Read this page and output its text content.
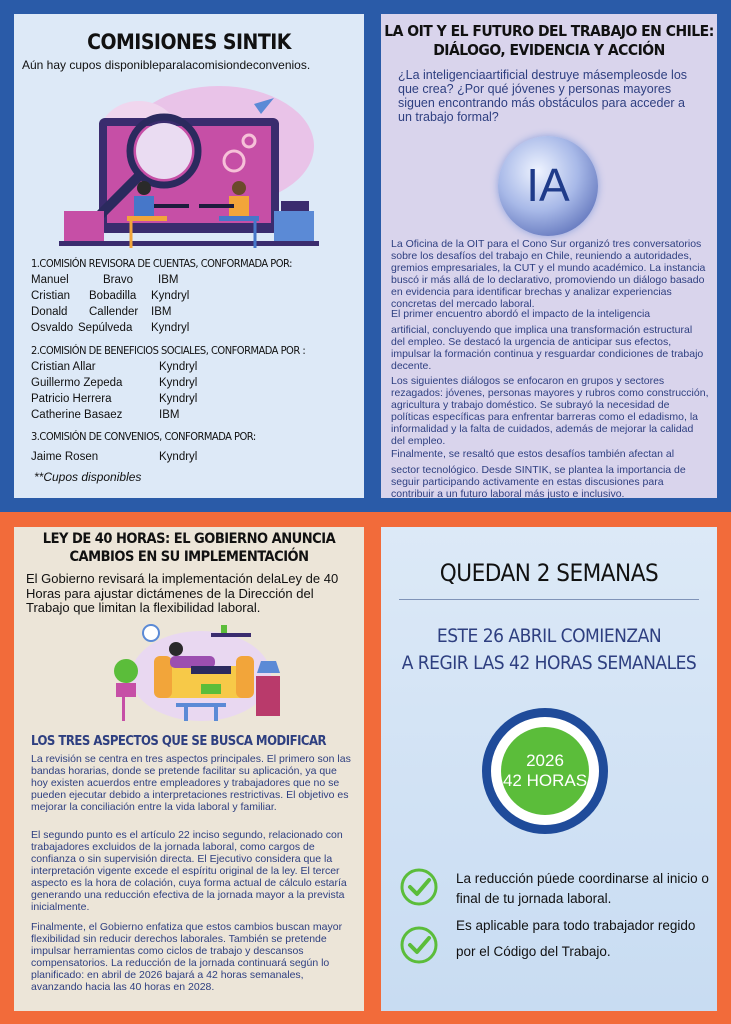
COMISIONES SINTIK
Aún hay cupos disponibleparalacomisiondeconvenios.
1.COMISIÓN REVISORA DE CUENTAS, CONFORMADA POR:
Manuel	Bravo	IBM
Cristian	Bobadilla	Kyndryl
Donald	Callender	IBM
Osvaldo Sepúlveda	Kyndryl
2.COMISIÓN DE BENEFICIOS SOCIALES, CONFORMADA POR :
Cristian Allar	Kyndryl
Guillermo Zepeda	Kyndryl
Patricio Herrera	Kyndryl
Catherine Basaez	IBM
3.COMISIÓN DE CONVENIOS, CONFORMADA POR:
Jaime Rosen	Kyndryl
**Cupos disponibles
LA OIT Y EL FUTURO DEL TRABAJO EN CHILE:
DIÁLOGO, EVIDENCIA Y ACCIÓN
¿La inteligenciaartificial destruye másempleosde los que crea? ¿Por qué jóvenes y personas mayores siguen encontrando más obstáculos para acceder a un trabajo formal?
IA
La Oficina de la OIT para el Cono Sur organizó tres conversatorios sobre los desafíos del trabajo en Chile, reuniendo a autoridades, gremios empresariales, la CUT y el mundo académico. La instancia buscó ir más allá de lo declarativo, promoviendo un diálogo basado en evidencia para identificar brechas y analizar experiencias concretas del mercado laboral.
El primer encuentro abordó el impacto de la inteligencia
artificial, concluyendo que implica una transformación estructural del empleo. Se destacó la urgencia de anticipar sus efectos, impulsar la formación continua y resguardar condiciones de trabajo decente.
Los siguientes diálogos se enfocaron en grupos y sectores rezagados: jóvenes, personas mayores y rubros como construcción, agricultura y trabajo doméstico. Se subrayó la necesidad de políticas específicas para enfrentar barreras como el edadismo, la informalidad y la falta de cuidados, además de mejorar la calidad del empleo.
Finalmente, se resaltó que estos desafíos también afectan al
sector tecnológico. Desde SINTIK, se plantea la importancia de seguir participando activamente en estas discusiones para contribuir a un futuro laboral más justo e inclusivo.
LEY DE 40 HORAS: EL GOBIERNO ANUNCIA
CAMBIOS EN SU IMPLEMENTACIÓN
El Gobierno revisará la implementación delaLey de 40 Horas para ajustar dictámenes de la Dirección del Trabajo que limitan la flexibilidad laboral.
LOS TRES ASPECTOS QUE SE BUSCA MODIFICAR
La revisión se centra en tres aspectos principales. El primero son las bandas horarias, donde se pretende facilitar su aplicación, ya que hoy existen acuerdos entre empleadores y trabajadores que no se pueden ejecutar debido a interpretaciones restrictivas. El objetivo es mejorar la conciliación entre la vida laboral y familiar.
El segundo punto es el artículo 22 inciso segundo, relacionado con trabajadores excluidos de la jornada laboral, como cargos de confianza o sin supervisión directa. El Ejecutivo considera que la interpretación vigente excede el espíritu original de la ley. El tercer aspecto es la hora de colación, cuya forma actual de cálculo estaría generando una reducción efectiva de la jornada mayor a la prevista inicialmente.
Finalmente, el Gobierno enfatiza que estos cambios buscan mayor flexibilidad sin reducir derechos laborales. También se pretende impulsar herramientas como ciclos de trabajo y descansos compensatorios. La reducción de la jornada continuará según lo planificado: en abril de 2026 bajará a 42 horas semanales, avanzando hacia las 40 horas en 2028.
QUEDAN 2 SEMANAS
ESTE 26 ABRIL COMIENZAN
A REGIR LAS 42 HORAS SEMANALES
2026
42 HORAS
La reducción púede coordinarse al inicio o final de tu jornada laboral.
Es aplicable para todo trabajador regido por el Código del Trabajo.
